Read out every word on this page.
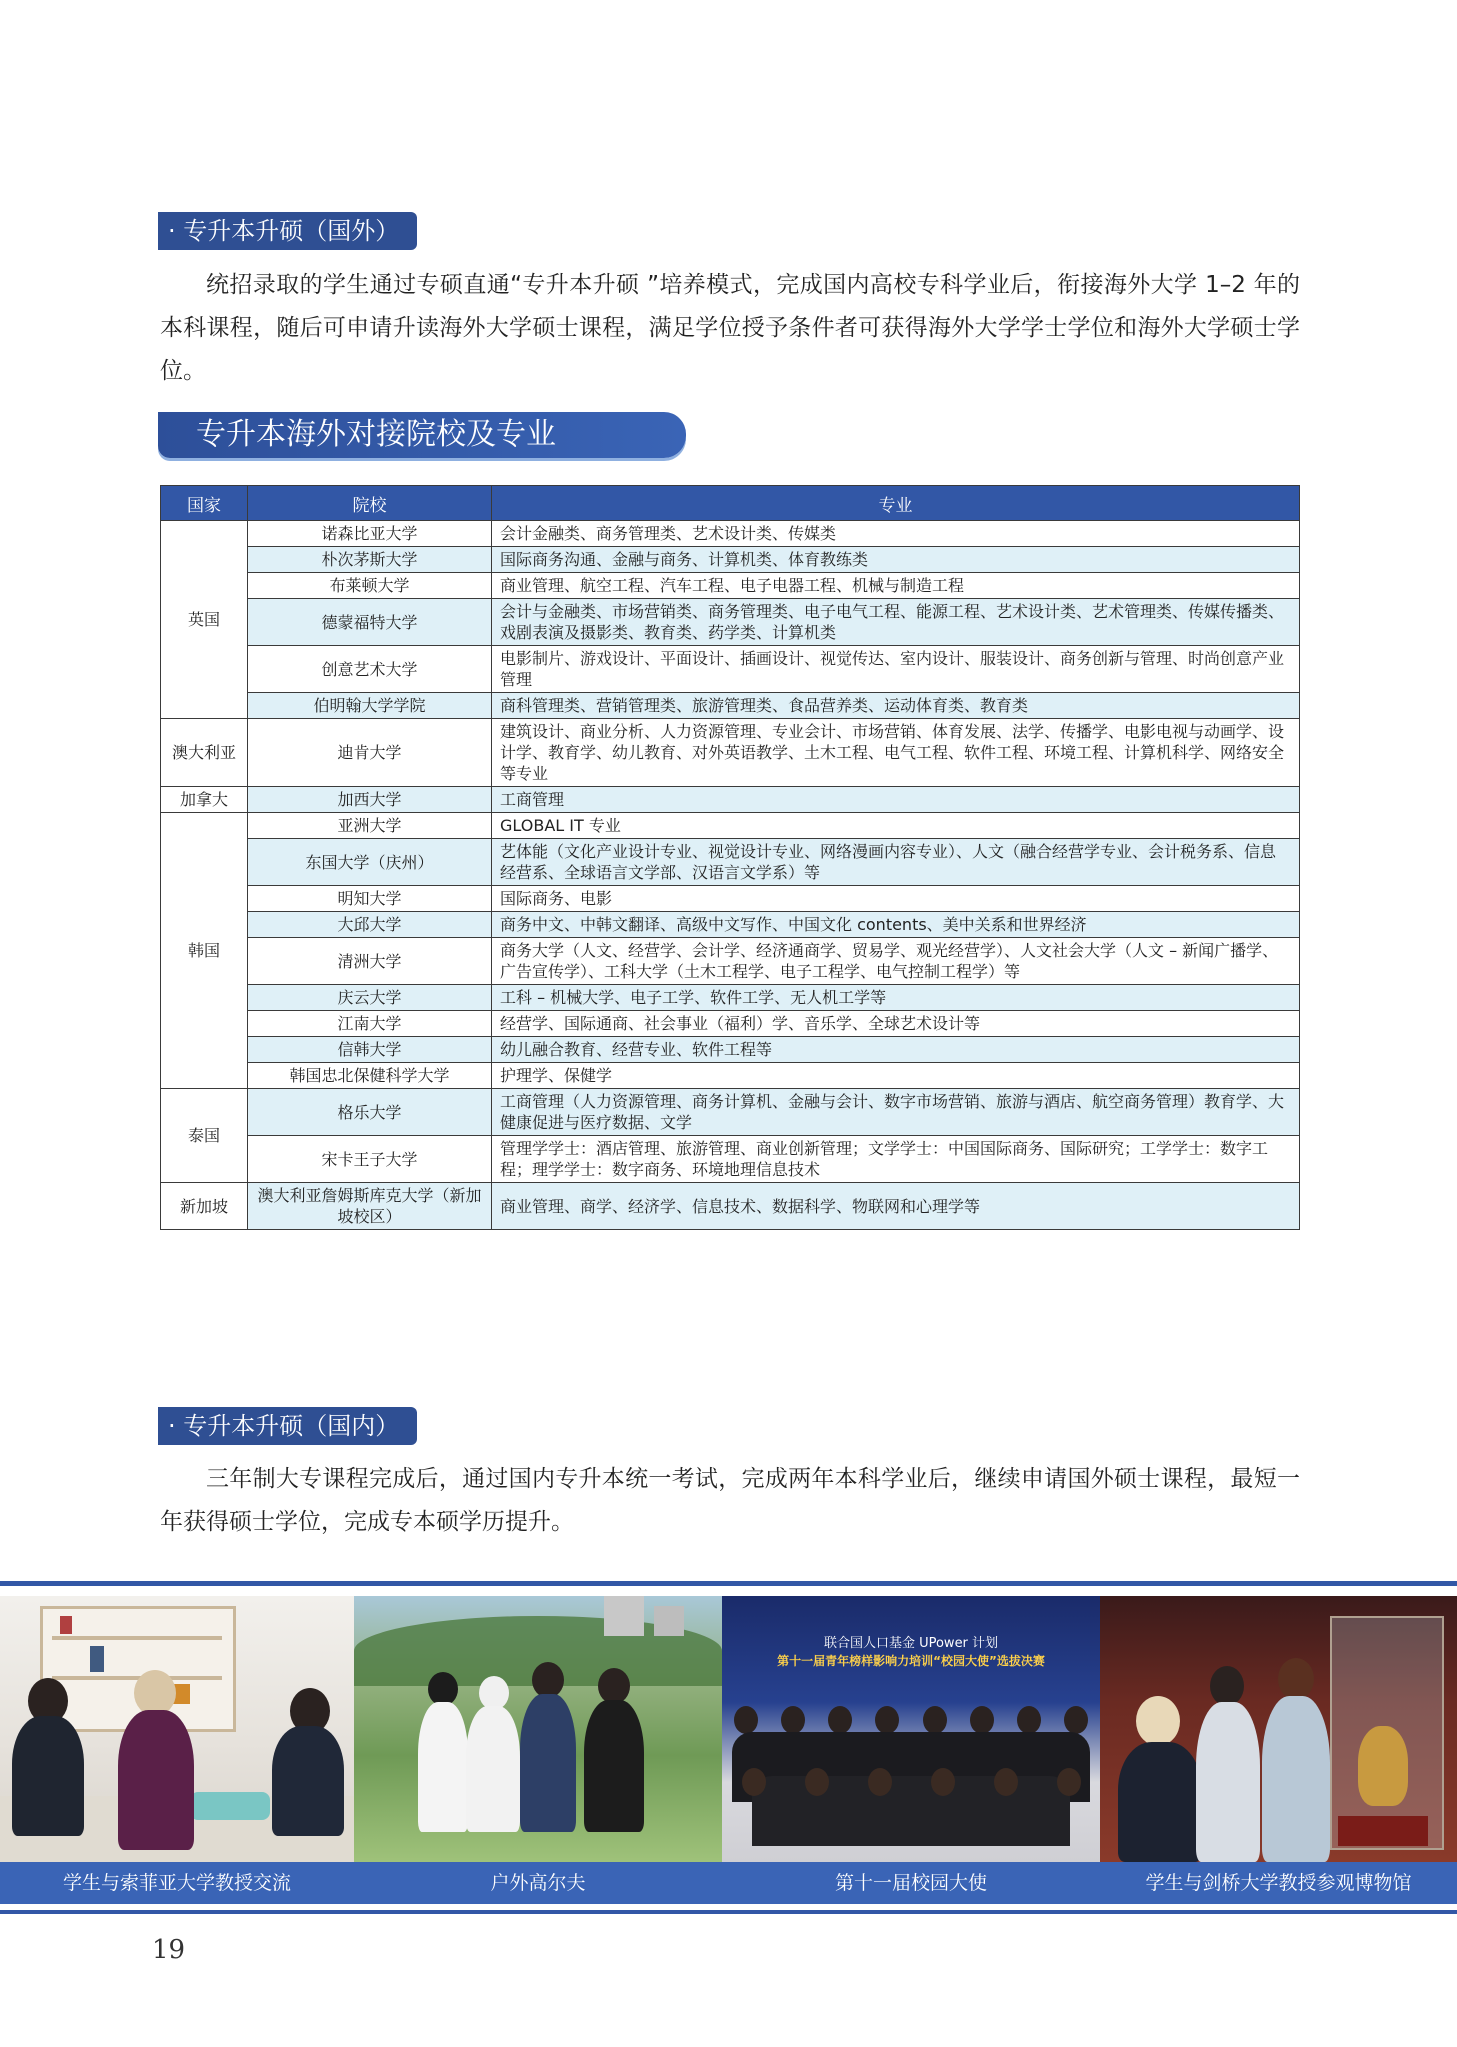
· 专升本升硕（国外）
统招录取的学生通过专硕直通“专升本升硕 ”培养模式，完成国内高校专科学业后，衔接海外大学 1–2 年的本科课程，随后可申请升读海外大学硕士课程，满足学位授予条件者可获得海外大学学士学位和海外大学硕士学位。
专升本海外对接院校及专业
国家	院校	专业
英国	诺森比亚大学	会计金融类、商务管理类、艺术设计类、传媒类
	朴次茅斯大学	国际商务沟通、金融与商务、计算机类、体育教练类
	布莱顿大学	商业管理、航空工程、汽车工程、电子电器工程、机械与制造工程
	德蒙福特大学	会计与金融类、市场营销类、商务管理类、电子电气工程、能源工程、艺术设计类、艺术管理类、传媒传播类、戏剧表演及摄影类、教育类、药学类、计算机类
	创意艺术大学	电影制片、游戏设计、平面设计、插画设计、视觉传达、室内设计、服装设计、商务创新与管理、时尚创意产业管理
	伯明翰大学学院	商科管理类、营销管理类、旅游管理类、食品营养类、运动体育类、教育类
澳大利亚	迪肯大学	建筑设计、商业分析、人力资源管理、专业会计、市场营销、体育发展、法学、传播学、电影电视与动画学、设计学、教育学、幼儿教育、对外英语教学、土木工程、电气工程、软件工程、环境工程、计算机科学、网络安全等专业
加拿大	加西大学	工商管理
韩国	亚洲大学	GLOBAL IT 专业
	东国大学（庆州）	艺体能（文化产业设计专业、视觉设计专业、网络漫画内容专业）、人文（融合经营学专业、会计税务系、信息经营系、全球语言文学部、汉语言文学系）等
	明知大学	国际商务、电影
	大邱大学	商务中文、中韩文翻译、高级中文写作、中国文化 contents、美中关系和世界经济
	清洲大学	商务大学（人文、经营学、会计学、经济通商学、贸易学、观光经营学）、人文社会大学（人文 – 新闻广播学、广告宣传学）、工科大学（土木工程学、电子工程学、电气控制工程学）等
	庆云大学	工科 – 机械大学、电子工学、软件工学、无人机工学等
	江南大学	经营学、国际通商、社会事业（福利）学、音乐学、全球艺术设计等
	信韩大学	幼儿融合教育、经营专业、软件工程等
	韩国忠北保健科学大学	护理学、保健学
泰国	格乐大学	工商管理（人力资源管理、商务计算机、金融与会计、数字市场营销、旅游与酒店、航空商务管理）教育学、大健康促进与医疗数据、文学
	宋卡王子大学	管理学学士：酒店管理、旅游管理、商业创新管理；文学学士：中国国际商务、国际研究；工学学士：数字工程；理学学士：数字商务、环境地理信息技术
新加坡	澳大利亚詹姆斯库克大学（新加坡校区）	商业管理、商学、经济学、信息技术、数据科学、物联网和心理学等
· 专升本升硕（国内）
三年制大专课程完成后，通过国内专升本统一考试，完成两年本科学业后，继续申请国外硕士课程，最短一年获得硕士学位，完成专本硕学历提升。
联合国人口基金 UPower 计划
第十一届青年榜样影响力培训“校园大使”选拔决赛
学生与索菲亚大学教授交流	户外高尔夫	第十一届校园大使	学生与剑桥大学教授参观博物馆
19
